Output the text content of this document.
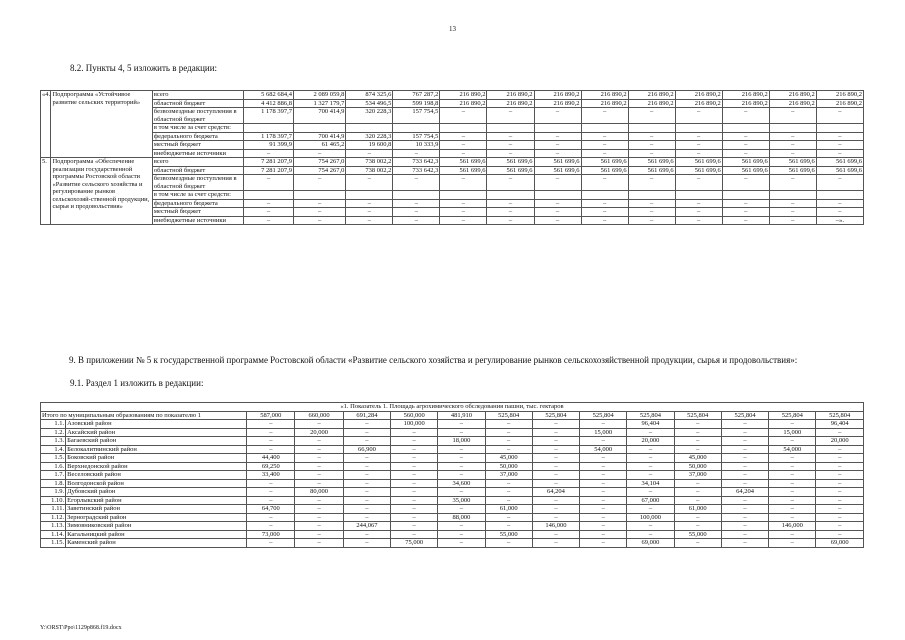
13
8.2. Пункты 4, 5 изложить в редакции:
«4.	Подпрограмма «Устойчивое развитие сельских территорий»	всего	5 682 684,4	2 089 059,8	874 325,6	767 287,2	216 890,2	216 890,2	216 890,2	216 890,2	216 890,2	216 890,2	216 890,2	216 890,2	216 890,2
		областной бюджет	4 412 886,8	1 327 179,7	534 496,5	599 198,8	216 890,2	216 890,2	216 890,2	216 890,2	216 890,2	216 890,2	216 890,2	216 890,2	216 890,2
		безвозмездные поступления в областной бюджет	1 178 397,7	700 414,9	320 228,3	157 754,5	–	–	–	–	–	–	–	–	–
		в том числе за счет средств:													
		федерального бюджета	1 178 397,7	700 414,9	320 228,3	157 754,5	–	–	–	–	–	–	–	–	–
		местный бюджет	91 399,9	61 465,2	19 600,8	10 333,9	–	–	–	–	–	–	–	–	–
		внебюджетные источники	–	–	–	–	–	–	–	–	–	–	–	–	–
5.	Подпрограмма «Обеспечение реализации государственной программы Ростовской области «Развитие сельского хозяйства и регулирование рынков сельскохозяй-ственной продукции, сырья и продовольствия»	всего	7 281 207,9	754 267,0	738 002,2	733 642,3	561 699,6	561 699,6	561 699,6	561 699,6	561 699,6	561 699,6	561 699,6	561 699,6	561 699,6
		областной бюджет	7 281 207,9	754 267,0	738 002,2	733 642,3	561 699,6	561 699,6	561 699,6	561 699,6	561 699,6	561 699,6	561 699,6	561 699,6	561 699,6
		безвозмездные поступления в областной бюджет	–	–	–	–	–	–	–	–	–	–	–	–	–
		в том числе за счет средств:													
		федерального бюджета	–	–	–	–	–	–	–	–	–	–	–	–	–
		местный бюджет	–	–	–	–	–	–	–	–	–	–	–	–	–
		внебюджетные источники	–	–	–	–	–	–	–	–	–	–	–	–	–».
9. В приложении № 5 к государственной программе Ростовской области «Развитие сельского хозяйства и регулирование рынков сельскохозяйственной продукции, сырья и продовольствия»:
9.1. Раздел 1 изложить в редакции:
«1. Показатель 1. Площадь агрохимического обследования пашни, тыс. гектаров														
Итого по муниципальным образованиям по показателю 1		587,000	660,000	691,284	560,000	481,910	525,804	525,804	525,804	525,804	525,804	525,804	525,804	525,804
1.1.	Азовский район	–	–	–	100,000	–	–	–	–	96,404	–	–	–	96,404
1.2.	Аксайский район	–	20,000	–	–	–	–	–	15,000	–	–	–	15,000	–
1.3.	Багаевский район	–	–	–	–	18,000	–	–	–	20,000	–	–	–	20,000
1.4.	Белокалитвинский район	–	–	66,900	–	–	–	–	54,000	–	–	–	54,000	–
1.5.	Боковский район	44,400	–	–	–	–	45,000	–	–	–	45,000	–	–	–
1.6.	Верхнедонской район	69,250	–	–	–	–	50,000	–	–	–	50,000	–	–	–
1.7.	Веселовский район	33,400	–	–	–	–	37,000	–	–	–	37,000	–	–	–
1.8.	Волгодонской район	–	–	–	–	34,600	–	–	–	34,104	–	–	–	–
1.9.	Дубовский район	–	80,000	–	–	–	–	64,204	–	–	–	64,204	–	–
1.10.	Егорлыкский район	–	–	–	–	35,000	–	–	–	67,000	–	–	–	–
1.11.	Заветинский район	64,700	–	–	–	–	61,000	–	–	–	61,000	–	–	–
1.12.	Зерноградский район	–	–	–	–	88,000	–	–	–	100,000	–	–	–	–
1.13.	Зимовниковский район	–	–	244,067	–	–	–	146,000	–	–	–	–	146,000	–
1.14.	Кагальницкий район	73,000	–	–	–	–	55,000	–	–	–	55,000	–	–	–
1.15.	Каменский район	–	–	–	75,000	–	–	–	–	69,000	–	–	–	69,000
Y:\ORST\Ppo\1129p868.f19.docx
